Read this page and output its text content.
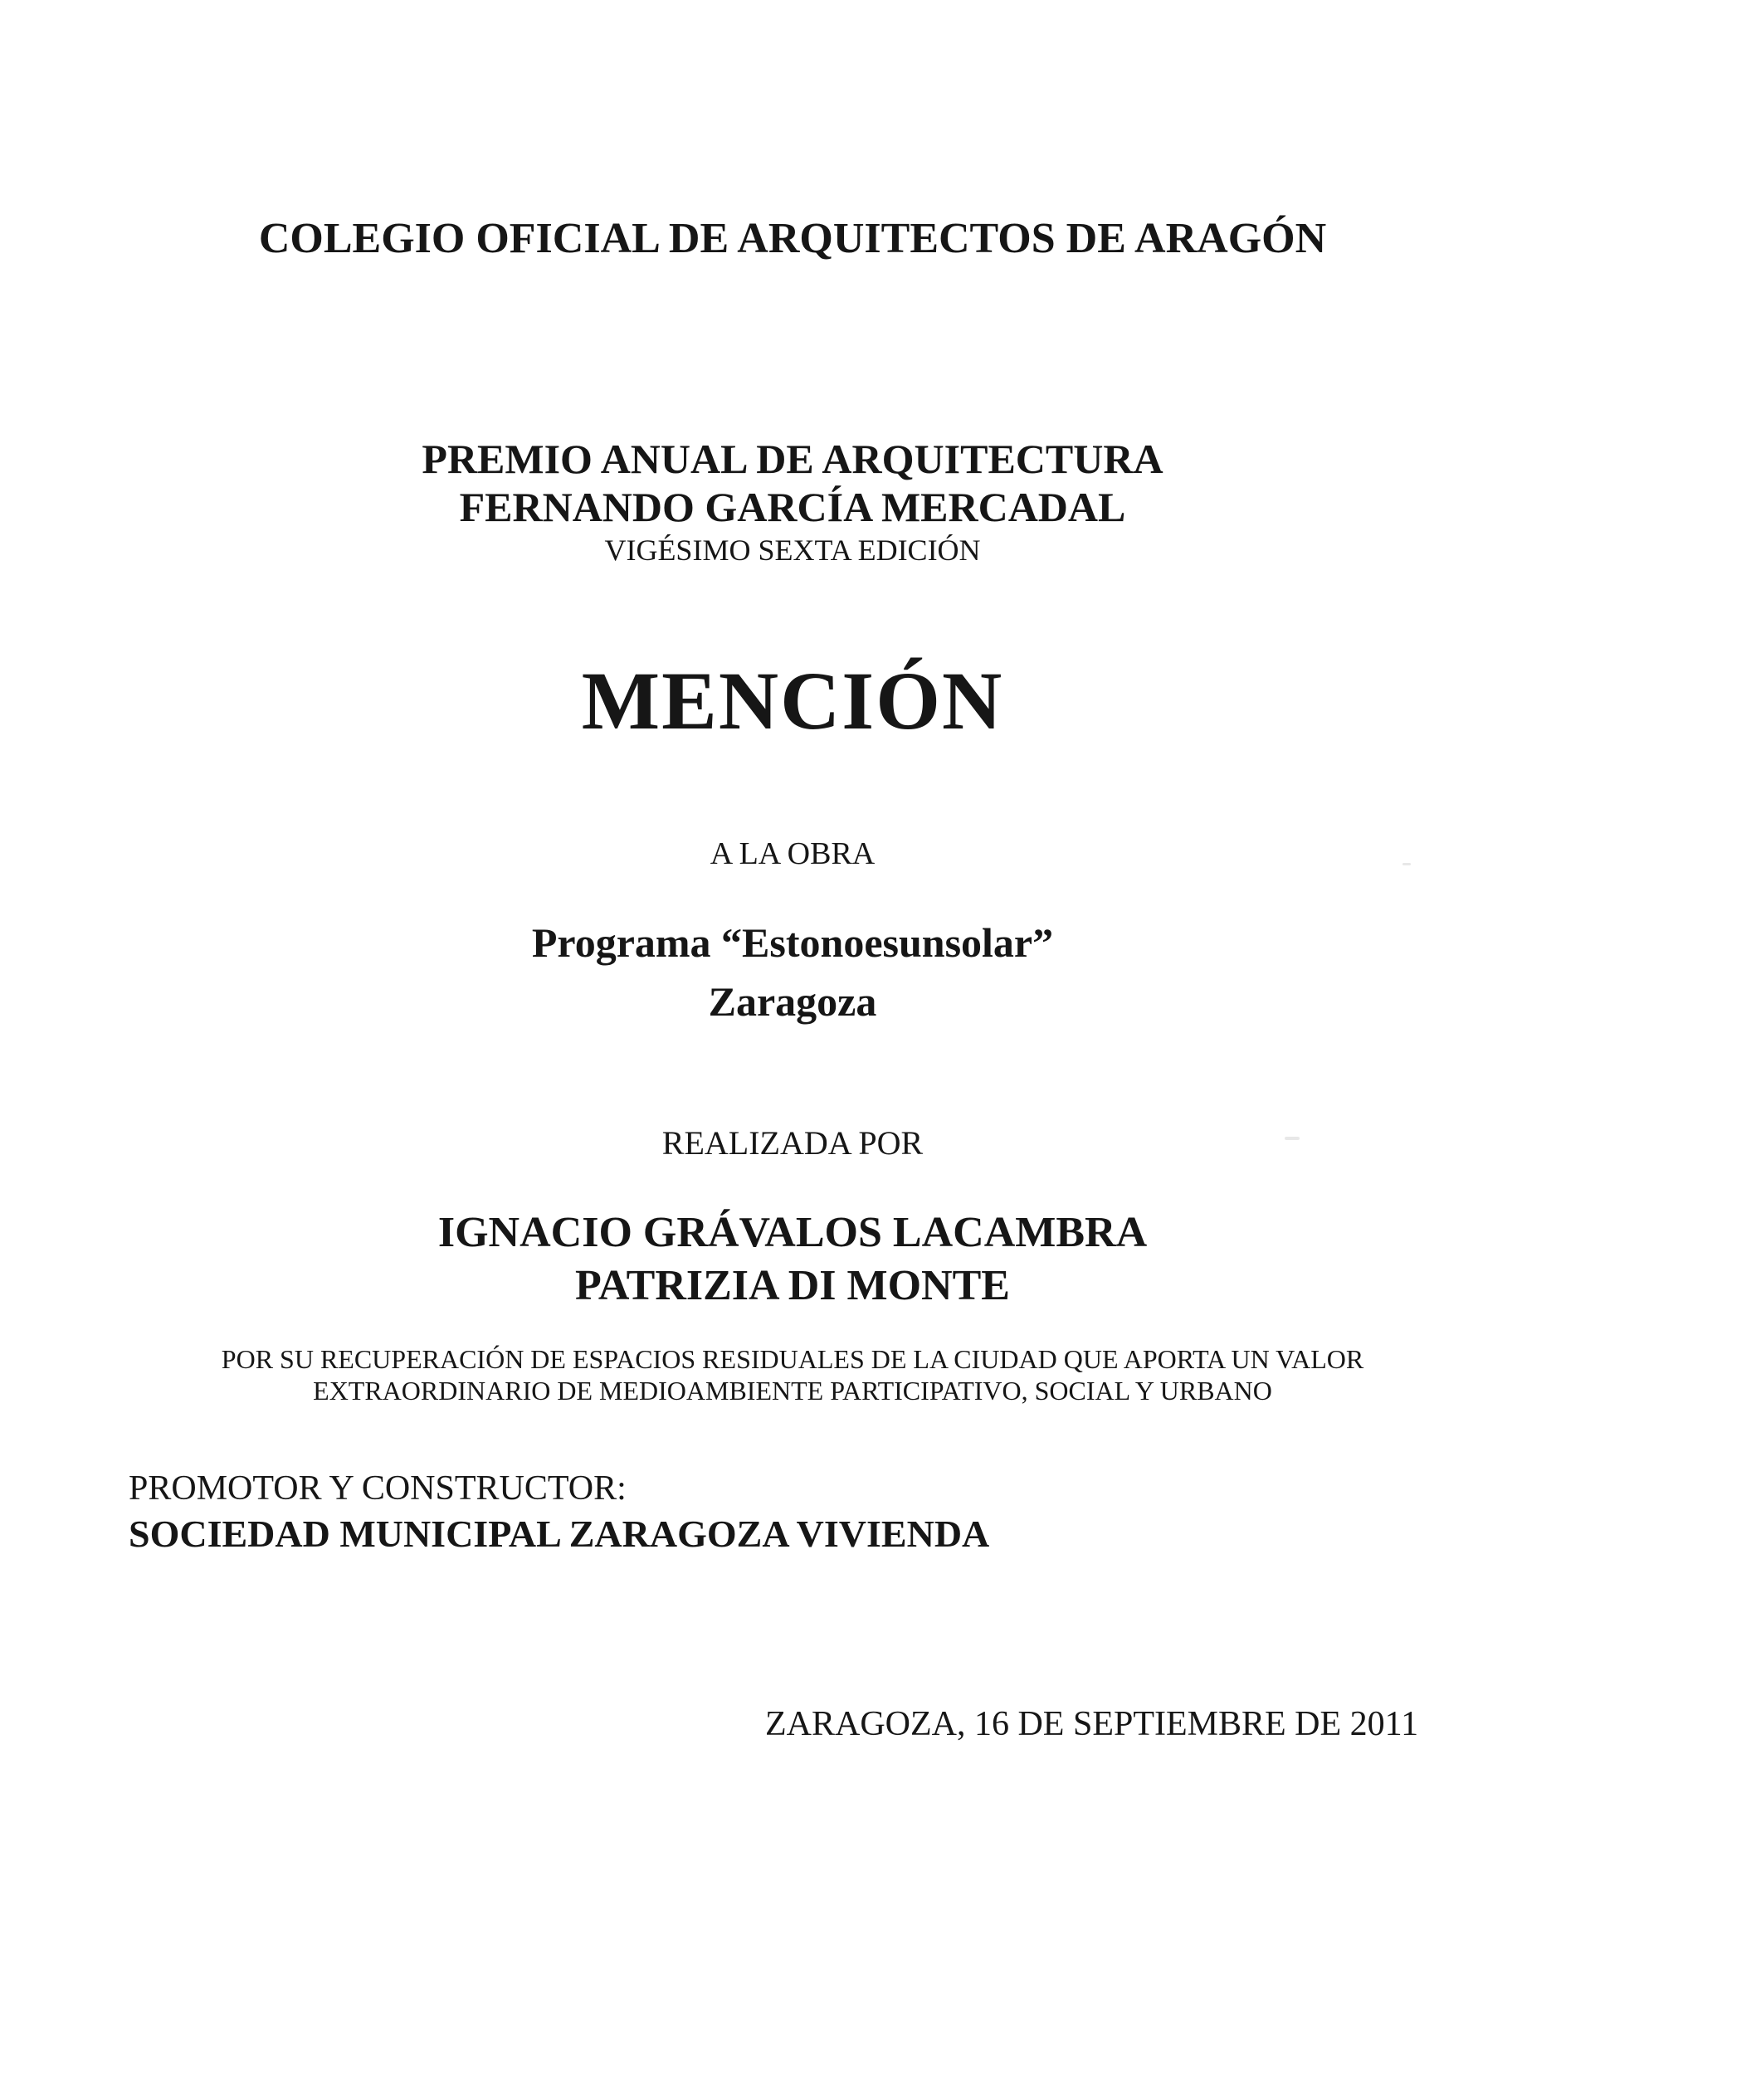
COLEGIO OFICIAL DE ARQUITECTOS DE ARAGÓN
PREMIO ANUAL DE ARQUITECTURA
FERNANDO GARCÍA MERCADAL
VIGÉSIMO SEXTA EDICIÓN
MENCIÓN
A LA OBRA
Programa “Estonoesunsolar”
Zaragoza
REALIZADA POR
IGNACIO GRÁVALOS LACAMBRA
PATRIZIA DI MONTE
POR SU RECUPERACIÓN DE ESPACIOS RESIDUALES DE LA CIUDAD QUE APORTA UN VALOR
EXTRAORDINARIO DE MEDIOAMBIENTE PARTICIPATIVO, SOCIAL Y URBANO
PROMOTOR Y CONSTRUCTOR:
SOCIEDAD MUNICIPAL ZARAGOZA VIVIENDA
ZARAGOZA, 16 DE SEPTIEMBRE DE 2011
